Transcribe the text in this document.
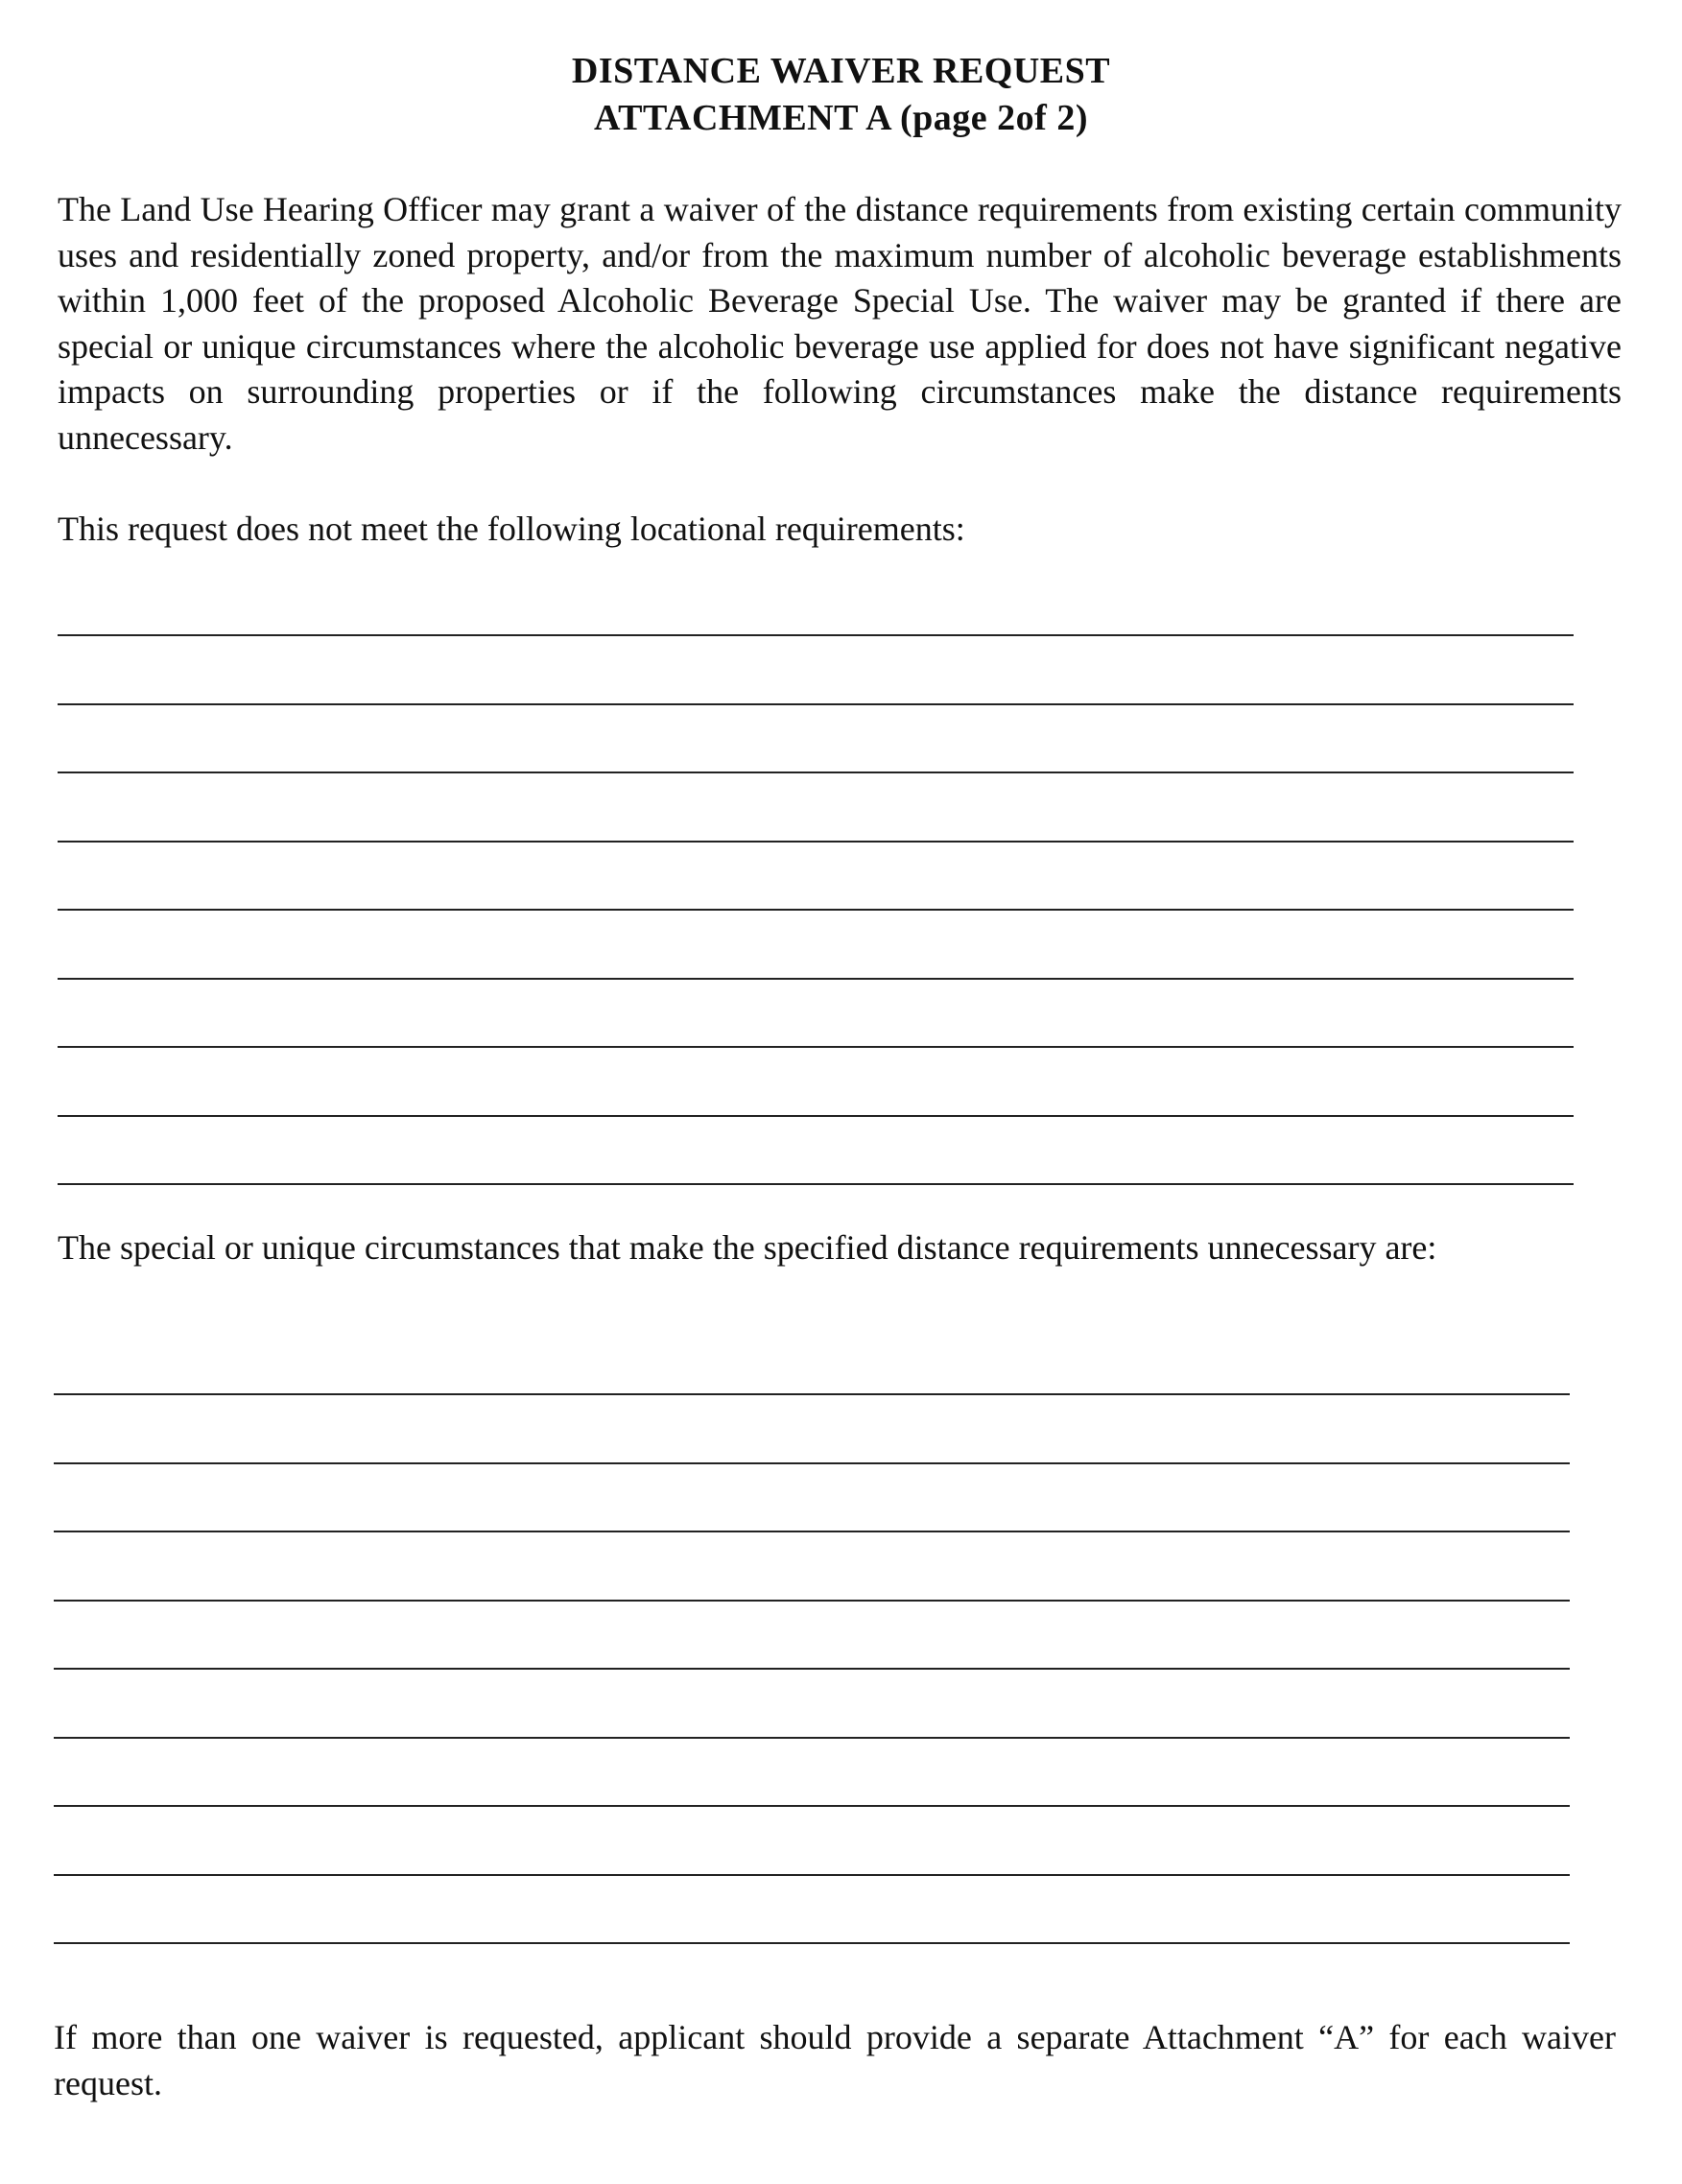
DISTANCE WAIVER REQUEST
ATTACHMENT A (page 2of 2)
The Land Use Hearing Officer may grant a waiver of the distance requirements from existing certain community uses and residentially zoned property, and/or from the maximum number of alcoholic beverage establishments within 1,000 feet of the proposed Alcoholic Beverage Special Use. The waiver may be granted if there are special or unique circumstances where the alcoholic beverage use applied for does not have significant negative impacts on surrounding properties or if the following circumstances make the distance requirements unnecessary.
This request does not meet the following locational requirements:
The special or unique circumstances that make the specified distance requirements unnecessary are:
If more than one waiver is requested, applicant should provide a separate Attachment “A” for each waiver request.
